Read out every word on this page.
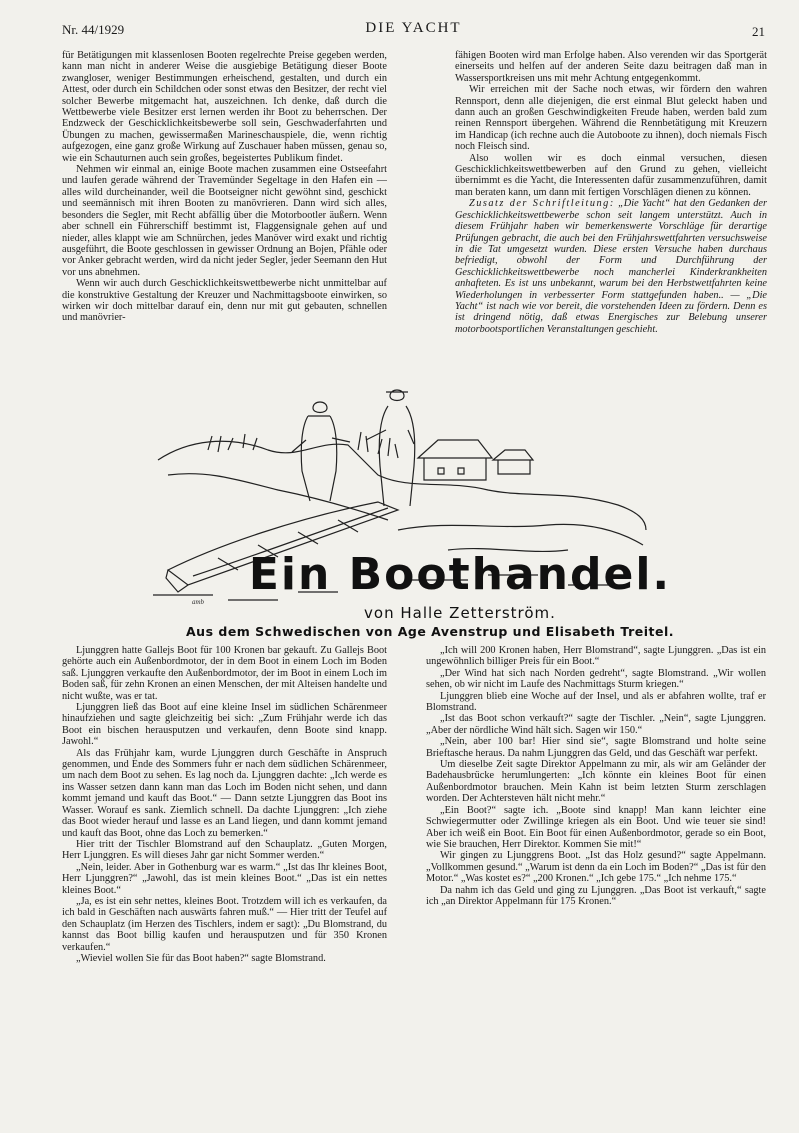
Nr. 44/1929	DIE YACHT	21

für Betätigungen mit klassenlosen Booten regelrechte Preise gegeben werden, kann man nicht in anderer Weise die ausgiebige Betätigung dieser Boote zwangloser, weniger Bestimmungen erheischend, gestalten, und durch ein Attest, oder durch ein Schildchen oder sonst etwas den Besitzer, der recht viel solcher Bewerbe mitgemacht hat, auszeichnen. Ich denke, daß durch die Wettbewerbe viele Besitzer erst lernen werden ihr Boot zu beherrschen. Der Endzweck der Geschicklichkeitsbewerbe soll sein, Geschwaderfahrten und Übungen zu machen, gewissermaßen Marineschauspiele, die, wenn richtig aufgezogen, eine ganz große Wirkung auf Zuschauer haben müssen, genau so, wie ein Schauturnen auch sein großes, begeistertes Publikum findet.

Nehmen wir einmal an, einige Boote machen zusammen eine Ostseefahrt und laufen gerade während der Travemünder Segeltage in den Hafen ein — alles wild durcheinander, weil die Bootseigner nicht gewöhnt sind, geschickt und seemännisch mit ihren Booten zu manövrieren. Dann wird sich alles, besonders die Segler, mit Recht abfällig über die Motorbootler äußern. Wenn aber schnell ein Führerschiff bestimmt ist, Flaggensignale gehen auf und nieder, alles klappt wie am Schnürchen, jedes Manöver wird exakt und richtig ausgeführt, die Boote geschlossen in gewisser Ordnung an Bojen, Pfähle oder vor Anker gebracht werden, wird da nicht jeder Segler, jeder Seemann den Hut vor uns abnehmen.

Wenn wir auch durch Geschicklichkeitswettbewerbe nicht unmittelbar auf die konstruktive Gestaltung der Kreuzer und Nachmittagsboote einwirken, so wirken wir doch mittelbar darauf ein, denn nur mit gut gebauten, schnellen und manövrier-

fähigen Booten wird man Erfolge haben. Also verenden wir das Sportgerät einerseits und helfen auf der anderen Seite dazu beitragen daß man in Wassersportkreisen uns mit mehr Achtung entgegenkommt.

Wir erreichen mit der Sache noch etwas, wir fördern den wahren Rennsport, denn alle diejenigen, die erst einmal Blut geleckt haben und dann auch an großen Geschwindigkeiten Freude haben, werden bald zum reinen Rennsport übergehen. Während die Rennbetätigung mit Kreuzern im Handicap (ich rechne auch die Autoboote zu ihnen), doch niemals Fisch noch Fleisch sind.

Also wollen wir es doch einmal versuchen, diesen Geschicklichkeitswettbewerben auf den Grund zu gehen, vielleicht übernimmt es die Yacht, die Interessenten dafür zusammenzuführen, damit man beraten kann, um dann mit fertigen Vorschlägen dienen zu können.

Zusatz der Schriftleitung: „Die Yacht“ hat den Gedanken der Geschicklichkeitswettbewerbe schon seit langem unterstützt. Auch in diesem Frühjahr haben wir bemerkenswerte Vorschläge für derartige Prüfungen gebracht, die auch bei den Frühjahrswettfahrten versuchsweise in die Tat umgesetzt wurden. Diese ersten Versuche haben durchaus befriedigt, obwohl der Form und Durchführung der Geschicklichkeitswettbewerbe noch mancherlei Kinderkrankheiten anhafteten. Es ist uns unbekannt, warum bei den Herbstwettfahrten keine Wiederholungen in verbesserter Form stattgefunden haben.. — „Die Yacht“ ist nach wie vor bereit, die vorstehenden Ideen zu fördern. Denn es ist dringend nötig, daß etwas Energisches zur Belebung unserer motorbootsportlichen Veranstaltungen geschieht.

amb
Ein Boothandel.
von Halle Zetterström.
Aus dem Schwedischen von Age Avenstrup und Elisabeth Treitel.

Ljunggren hatte Gallejs Boot für 100 Kronen bar gekauft. Zu Gallejs Boot gehörte auch ein Außenbordmotor, der in dem Boot in einem Loch im Boden saß. Ljunggren verkaufte den Außenbordmotor, der im Boot in einem Loch im Boden saß, für zehn Kronen an einen Menschen, der mit Alteisen handelte und nicht wußte, was er tat.

Ljunggren ließ das Boot auf eine kleine Insel im südlichen Schärenmeer hinaufziehen und sagte gleichzeitig bei sich: „Zum Frühjahr werde ich das Boot ein bischen herausputzen und verkaufen, denn Boote sind knapp. Jawohl.“

Als das Frühjahr kam, wurde Ljunggren durch Geschäfte in Anspruch genommen, und Ende des Sommers fuhr er nach dem südlichen Schärenmeer, um nach dem Boot zu sehen. Es lag noch da. Ljunggren dachte: „Ich werde es ins Wasser setzen dann kann man das Loch im Boden nicht sehen, und dann kommt jemand und kauft das Boot.“ — Dann setzte Ljunggren das Boot ins Wasser. Worauf es sank. Ziemlich schnell. Da dachte Ljunggren: „Ich ziehe das Boot wieder herauf und lasse es an Land liegen, und dann kommt jemand und kauft das Boot, ohne das Loch zu bemerken.“

Hier tritt der Tischler Blomstrand auf den Schauplatz. „Guten Morgen, Herr Ljunggren. Es will dieses Jahr gar nicht Sommer werden.“

„Nein, leider. Aber in Gothenburg war es warm.“ „Ist das Ihr kleines Boot, Herr Ljunggren?“ „Jawohl, das ist mein kleines Boot.“ „Das ist ein nettes kleines Boot.“

„Ja, es ist ein sehr nettes, kleines Boot. Trotzdem will ich es verkaufen, da ich bald in Geschäften nach auswärts fahren muß.“ — Hier tritt der Teufel auf den Schauplatz (im Herzen des Tischlers, indem er sagt): „Du Blomstrand, du kannst das Boot billig kaufen und herausputzen und für 350 Kronen verkaufen.“

„Wieviel wollen Sie für das Boot haben?“ sagte Blomstrand.

„Ich will 200 Kronen haben, Herr Blomstrand“, sagte Ljunggren. „Das ist ein ungewöhnlich billiger Preis für ein Boot.“

„Der Wind hat sich nach Norden gedreht“, sagte Blomstrand. „Wir wollen sehen, ob wir nicht im Laufe des Nachmittags Sturm kriegen.“

Ljunggren blieb eine Woche auf der Insel, und als er abfahren wollte, traf er Blomstrand.

„Ist das Boot schon verkauft?“ sagte der Tischler. „Nein“, sagte Ljunggren. „Aber der nördliche Wind hält sich. Sagen wir 150.“

„Nein, aber 100 bar! Hier sind sie“, sagte Blomstrand und holte seine Brieftasche heraus. Da nahm Ljunggren das Geld, und das Geschäft war perfekt.

Um dieselbe Zeit sagte Direktor Appelmann zu mir, als wir am Geländer der Badehausbrücke herumlungerten: „Ich könnte ein kleines Boot für einen Außenbordmotor brauchen. Mein Kahn ist beim letzten Sturm zerschlagen worden. Der Achtersteven hält nicht mehr.“

„Ein Boot?“ sagte ich. „Boote sind knapp! Man kann leichter eine Schwiegermutter oder Zwillinge kriegen als ein Boot. Und wie teuer sie sind! Aber ich weiß ein Boot. Ein Boot für einen Außenbordmotor, gerade so ein Boot, wie Sie brauchen, Herr Direktor. Kommen Sie mit!“

Wir gingen zu Ljunggrens Boot. „Ist das Holz gesund?“ sagte Appelmann. „Vollkommen gesund.“ „Warum ist denn da ein Loch im Boden?“ „Das ist für den Motor.“ „Was kostet es?“ „200 Kronen.“ „Ich gebe 175.“ „Ich nehme 175.“

Da nahm ich das Geld und ging zu Ljunggren. „Das Boot ist verkauft,“ sagte ich „an Direktor Appelmann für 175 Kronen.“
